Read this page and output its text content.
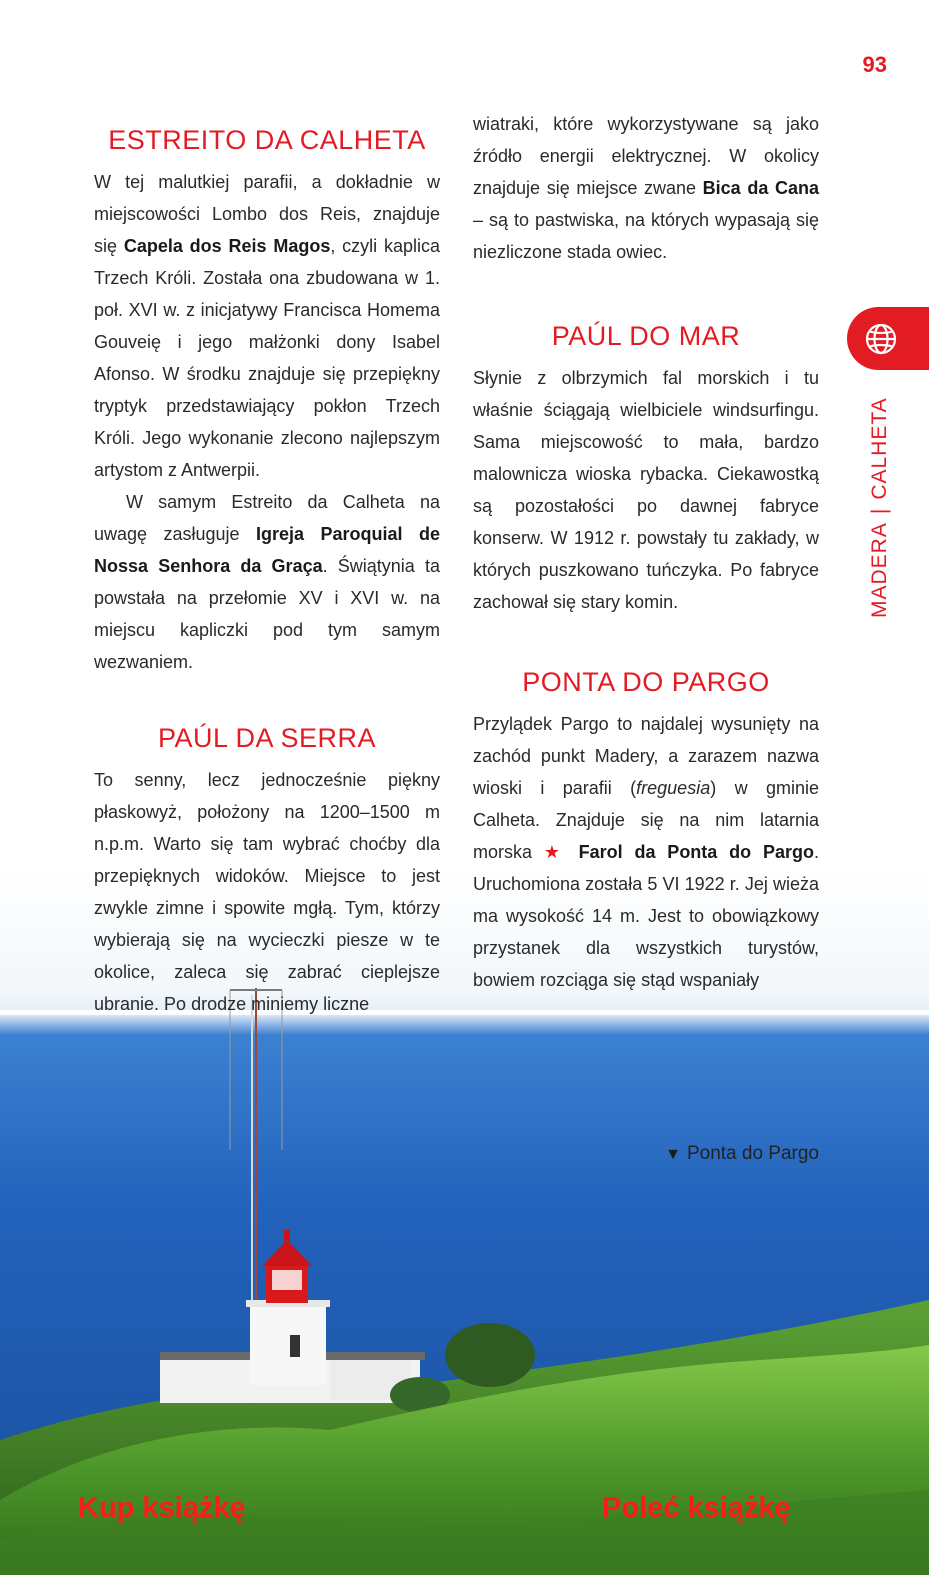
93
MADERA|CALHETA
ESTREITO DA CALHETA

W tej malutkiej parafii, a dokładnie w miejscowości Lombo dos Reis, znajduje się Capela dos Reis Magos, czyli kaplica Trzech Króli. Została ona zbudowana w 1. poł. XVI w. z inicjatywy Francisca Homema Gouveię i jego małżonki dony Isabel Afonso. W środku znajduje się przepiękny tryptyk przedstawiający pokłon Trzech Króli. Jego wykonanie zlecono najlepszym artystom z Antwerpii.

W samym Estreito da Calheta na uwagę zasługuje Igreja Paroquial de Nossa Senhora da Graça. Świątynia ta powstała na przełomie XV i XVI w. na miejscu kapliczki pod tym samym wezwaniem.

PAÚL DA SERRA

To senny, lecz jednocześnie piękny płaskowyż, położony na 1200–1500 m n.p.m. Warto się tam wybrać choćby dla przepięknych widoków. Miejsce to jest zwykle zimne i spowite mgłą. Tym, którzy wybierają się na wycieczki piesze w te okolice, zaleca się zabrać cieplejsze ubranie. Po drodze miniemy liczne

wiatraki, które wykorzystywane są jako źródło energii elektrycznej. W okolicy znajduje się miejsce zwane Bica da Cana – są to pastwiska, na których wypasają się niezliczone stada owiec.

PAÚL DO MAR

Słynie z olbrzymich fal morskich i tu właśnie ściągają wielbiciele windsurfingu. Sama miejscowość to mała, bardzo malownicza wioska rybacka. Ciekawostką są pozostałości po dawnej fabryce konserw. W 1912 r. powstały tu zakłady, w których puszkowano tuńczyka. Po fabryce zachował się stary komin.

PONTA DO PARGO

Przylądek Pargo to najdalej wysunięty na zachód punkt Madery, a zarazem nazwa wioski i parafii (freguesia) w gminie Calheta. Znajduje się na nim latarnia morska ★ Farol da Ponta do Pargo. Uruchomiona została 5 VI 1922 r. Jej wieża ma wysokość 14 m. Jest to obowiązkowy przystanek dla wszystkich turystów, bowiem rozciąga się stąd wspaniały

▼ Ponta do Pargo
Kup książkę	Poleć książkę
